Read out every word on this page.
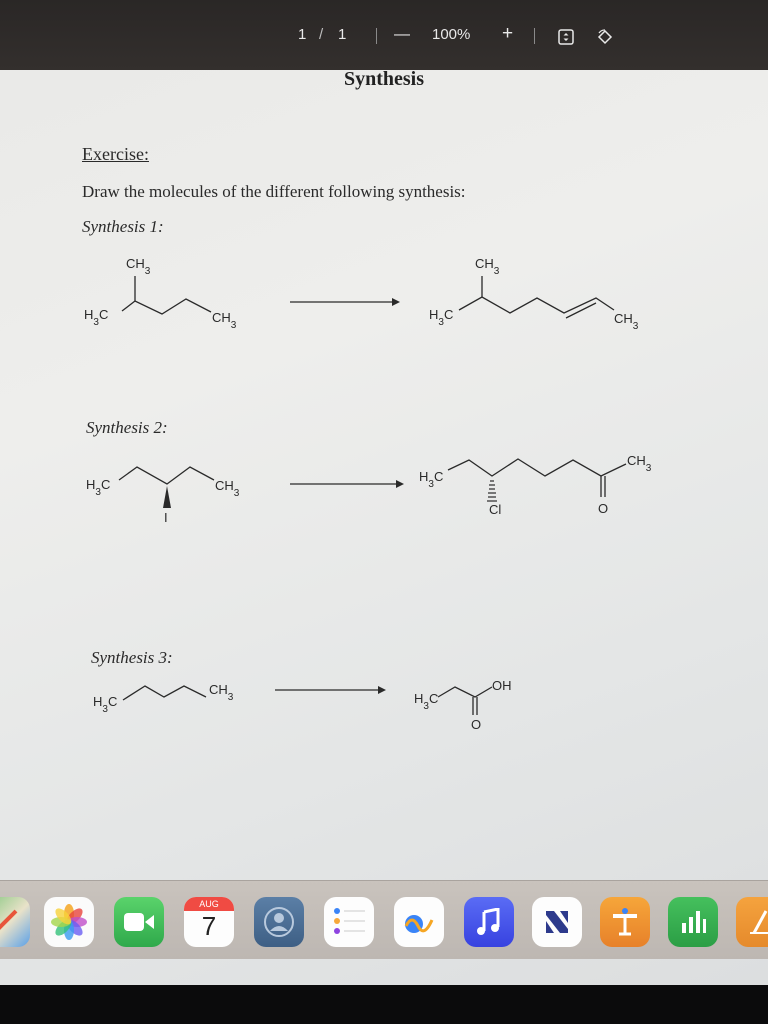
1 / 1	— 100% +
Synthesis
Exercise:
Draw the molecules of the different following synthesis:
Synthesis 1:
Synthesis 2:
Synthesis 3:
$CH_3$
$H_3C$	$CH_3$
$CH_3$
$H_3C$	$CH_3$
$H_3C$	$CH_3$
I
$H_3C$
$CH_3$
Cl	O
$H_3C$
$CH_3$	$H_3C$
OH
O
AUG
7
